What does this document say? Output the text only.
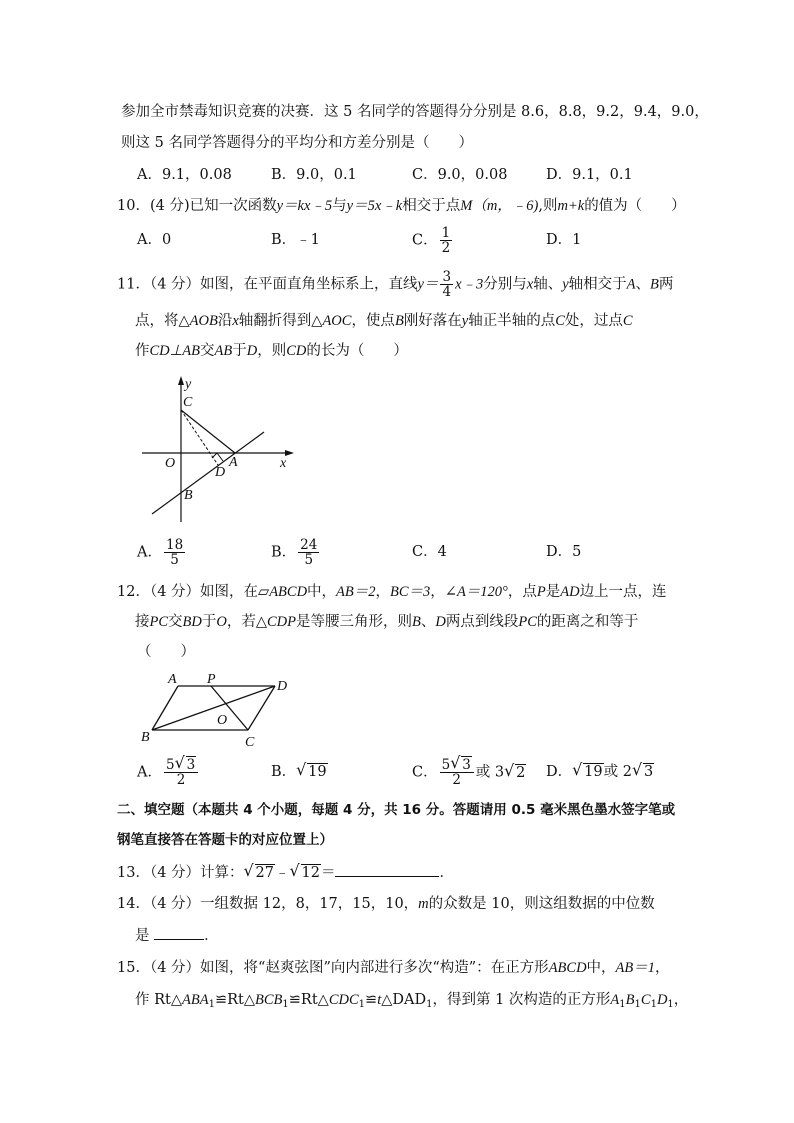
参加全市禁毒知识竞赛的决赛．这 5 名同学的答题得分分别是 8.6，8.8，9.2，9.4，9.0，
则这 5 名同学答题得分的平均分和方差分别是（　　）
A．9.1，0.08	B．9.0，0.1	C．9.0，0.08	D．9.1，0.1
10．(4 分)已知一次函数y＝kx﹣5与y＝5x﹣k相交于点M（m，﹣6),则m+k的值为（　　）
A．0	B．﹣1	C． $\frac{1}{2}$	D．1
11．（4 分）如图，在平面直角坐标系上，直线$y= \frac{3}{4}$ x﹣3分别与x轴、y轴相交于A、B两
点，将△AOB沿x轴翻折得到△AOC，使点B刚好落在y轴正半轴的点C处，过点C
作CD⊥AB交AB于D，则CD的长为（　　）
y
C
O	A	x
D
B
A P	D
O
B	C
A． $\frac{18}{5}$	B． $\frac{24}{5}$	C．4	D．5
12．（4 分）如图，在▱ABCD中，AB＝2，BC＝3，∠A＝120°，点P是AD边上一点，连
接PC交BD于O，若△CDP是等腰三角形，则B、D两点到线段PC的距离之和等于
（　　）
A． $\frac{5 √ 3}{2}$	B． √ 19	C． $\frac{5 √ 3}{2}$ 或 3 √ 2 D． √ 19或 2 √ 3
二、填空题（本题共 4 个小题，每题 4 分，共 16 分。答题请用 0.5 毫米黑色墨水签字笔或
钢笔直接答在答题卡的对应位置上）
13．（4 分）计算： √ 27﹣ √ 12＝	．
14．（4 分）一组数据 12，8，17，15，10，m的众数是 10，则这组数据的中位数
是	．
15．（4 分）如图，将“赵爽弦图”向内部进行多次“构造”：在正方形ABCD中，AB＝1，
作 $Rt\triangle ABA_1≌Rt\triangle BCB_1≌Rt\triangle CDC_1≌t\triangle DAD_1$，得到第 1 次构造的正方形$A_1B_1C_1D_1$，
